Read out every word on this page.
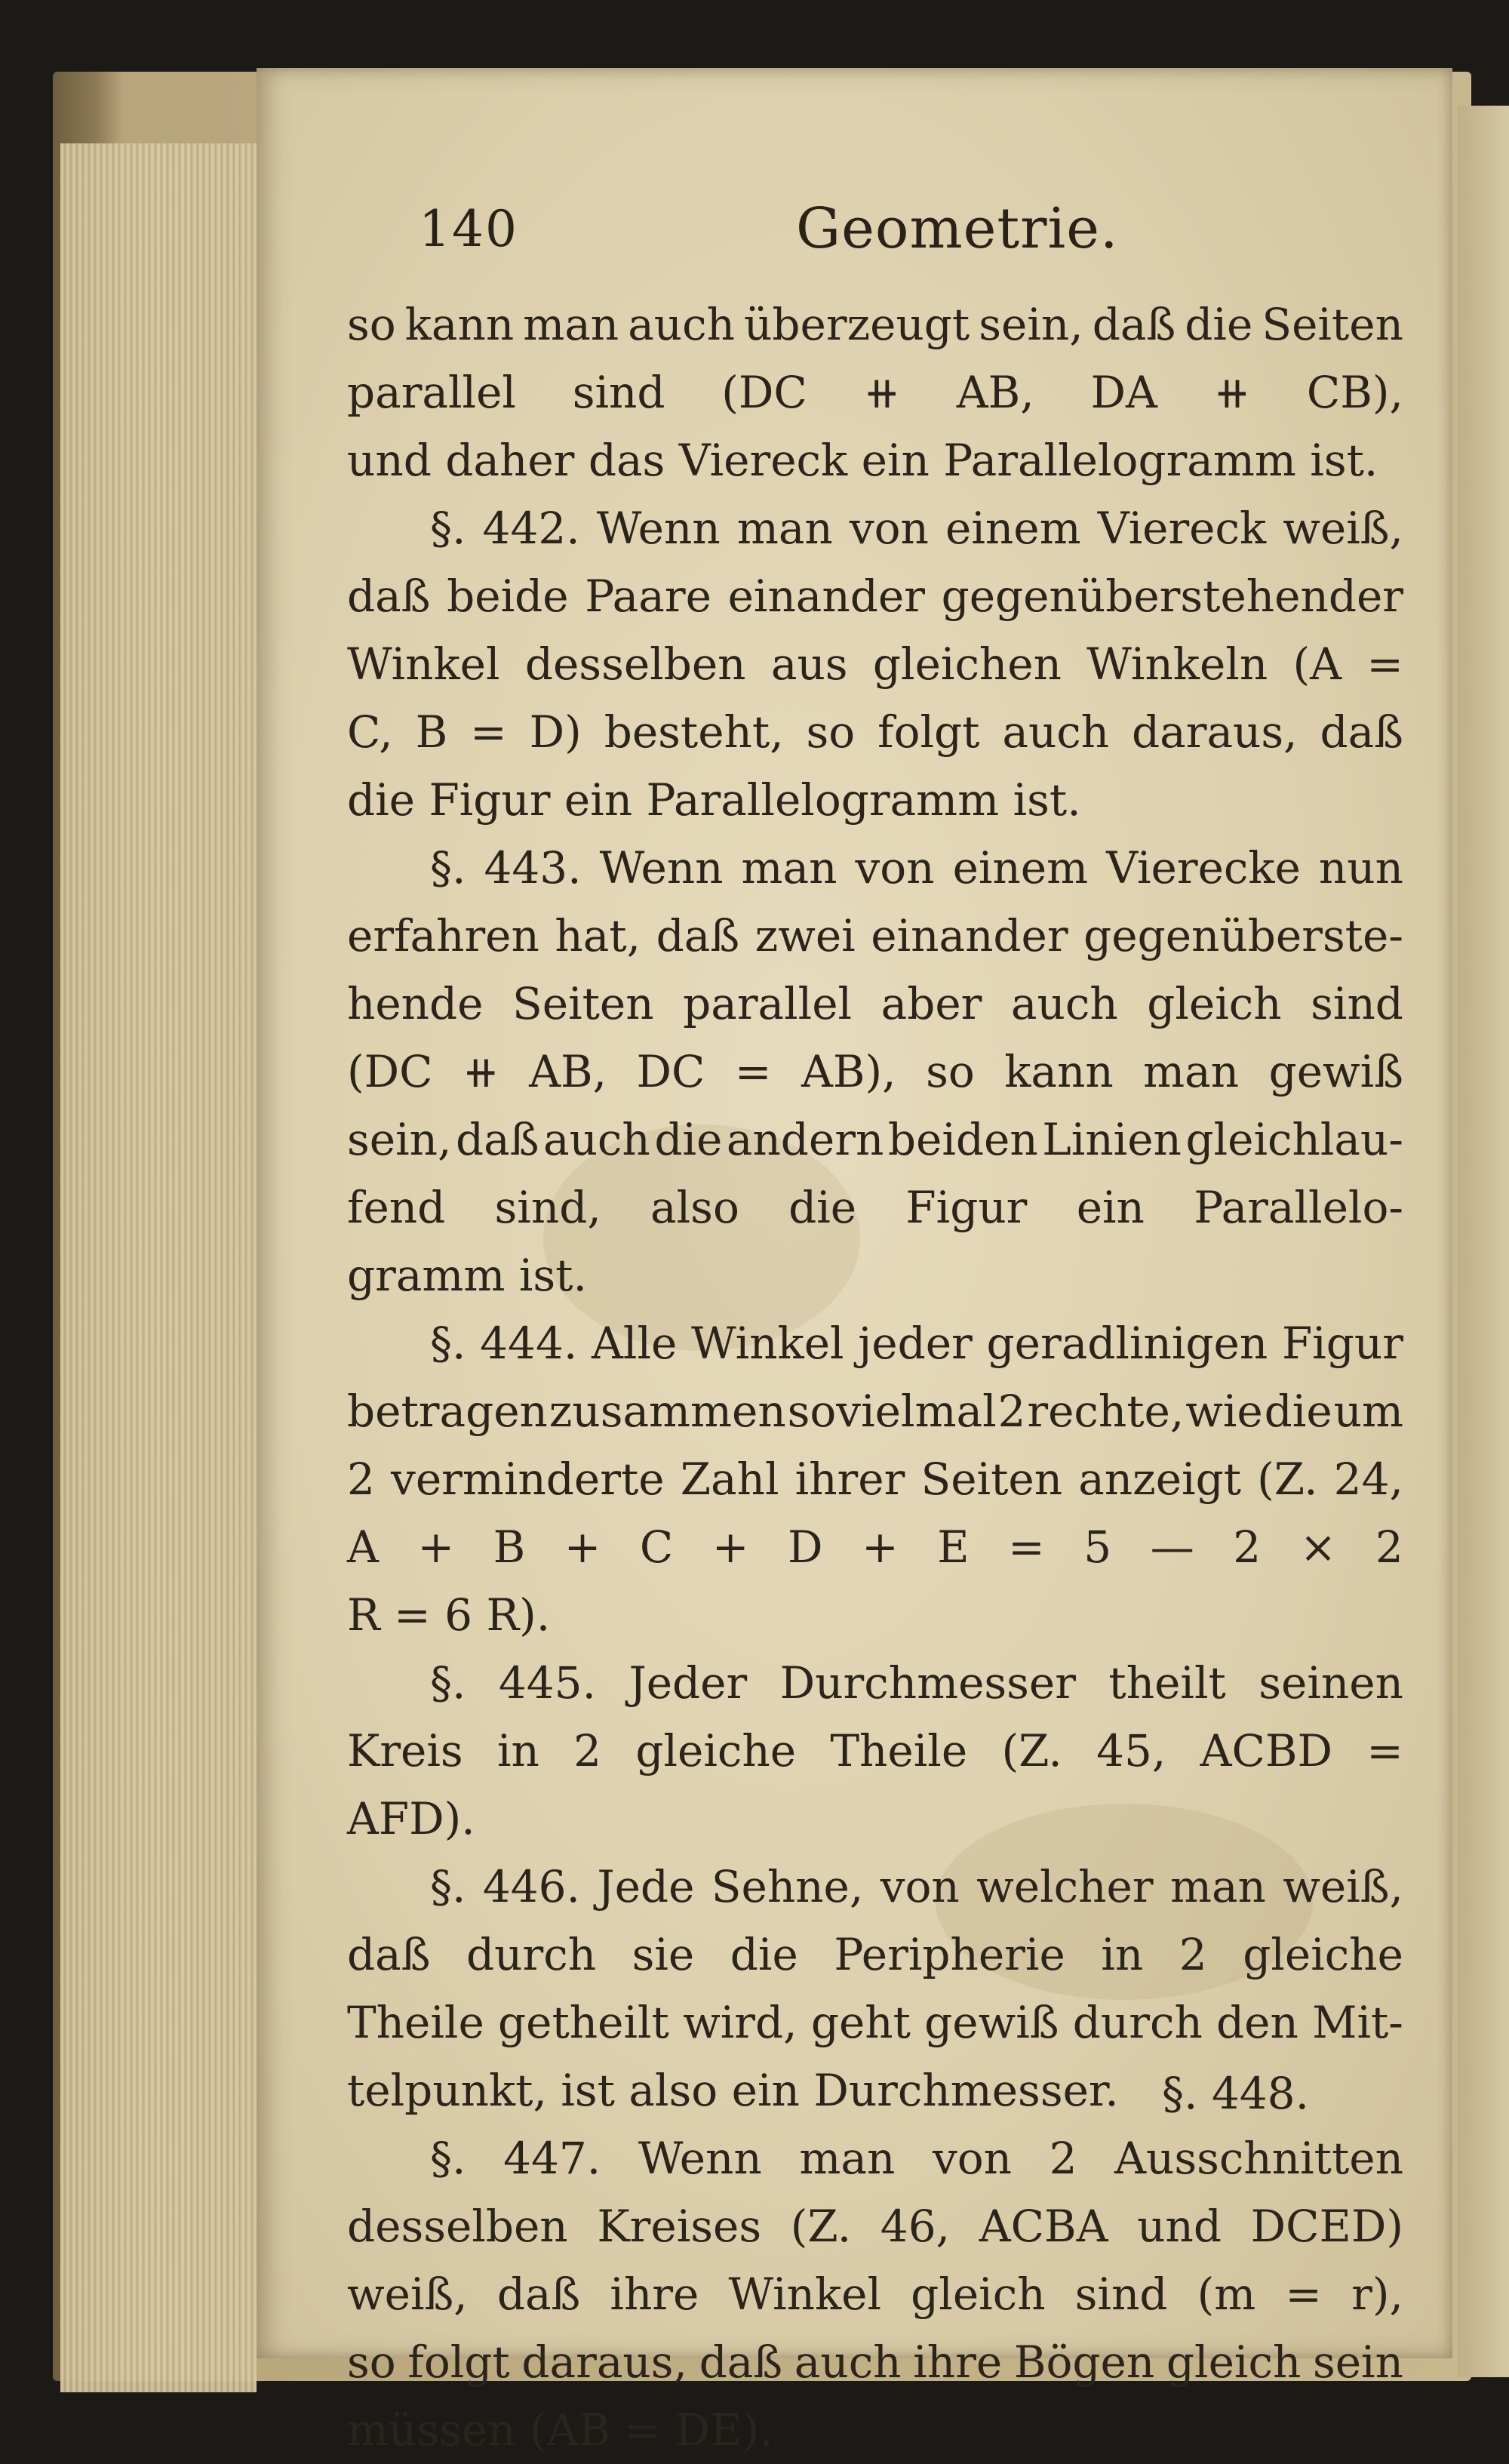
140	Geometrie.
so kann man auch überzeugt sein, daß die Seiten
parallel sind (DC ⧺ AB, DA ⧺ CB),
und daher das Viereck ein Parallelogramm ist.
§. 442. Wenn man von einem Viereck weiß,
daß beide Paare einander gegenüberstehender
Winkel desselben aus gleichen Winkeln (A =
C, B = D) besteht, so folgt auch daraus, daß
die Figur ein Parallelogramm ist.
§. 443. Wenn man von einem Vierecke nun
erfahren hat, daß zwei einander gegenüberste-
hende Seiten parallel aber auch gleich sind
(DC ⧺ AB, DC = AB), so kann man gewiß
sein, daß auch die andern beiden Linien gleichlau-
fend sind, also die Figur ein Parallelo-
gramm ist.
§. 444. Alle Winkel jeder geradlinigen Figur
betragen zusammen sovielmal 2 rechte, wie die um
2 verminderte Zahl ihrer Seiten anzeigt (Z. 24,
A + B + C + D + E = 5 — 2 × 2
R = 6 R).
§. 445. Jeder Durchmesser theilt seinen
Kreis in 2 gleiche Theile (Z. 45, ACBD =
AFD).
§. 446. Jede Sehne, von welcher man weiß,
daß durch sie die Peripherie in 2 gleiche
Theile getheilt wird, geht gewiß durch den Mit-
telpunkt, ist also ein Durchmesser.
§. 447. Wenn man von 2 Ausschnitten
desselben Kreises (Z. 46, ACBA und DCED)
weiß, daß ihre Winkel gleich sind (m = r),
so folgt daraus, daß auch ihre Bögen gleich sein
müssen (AB = DE).
§. 448.
